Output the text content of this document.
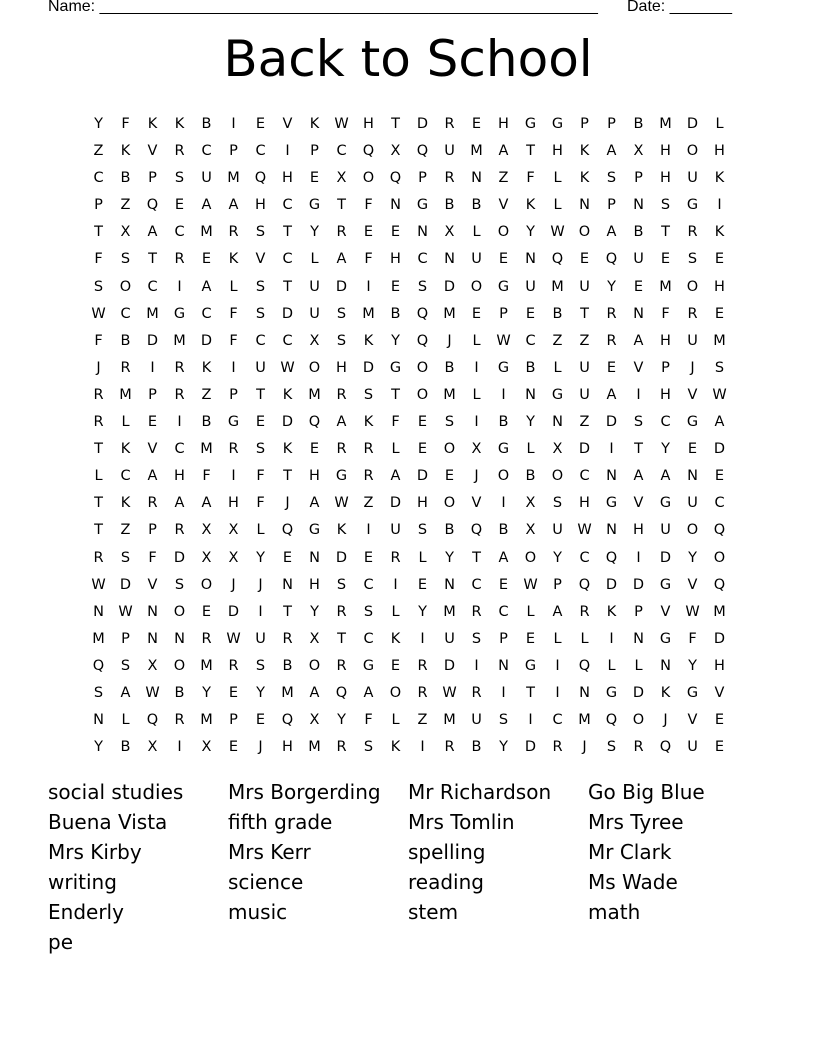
Name: ________________________________________________________ Date: _______
Back to School
Y	F	K	K	B	I	E	V	K	W H	T	D	R	E	H	G	G	P	P	B	M	D	L
Z	K	V	R	C	P	C	I	P	C	Q	X	Q	U	M	A	T	H	K	A	X	H	O	H
C	B	P	S	U	M	Q	H	E	X	O	Q	P	R	N	Z	F	L	K	S	P	H	U	K
P	Z	Q	E	A	A	H	C	G	T	F	N	G	B	B	V	K	L	N	P	N	S	G	I
T	X	A	C	M	R	S	T	Y	R	E	E	N	X	L	O	Y	W O	A	B	T	R	K
F	S	T	R	E	K	V	C	L	A	F	H	C	N	U	E	N	Q	E	Q	U	E	S	E
S	O	C	I	A	L	S	T	U	D	I	E	S	D	O	G	U	M	U	Y	E	M	O	H
W	C	M	G	C	F	S	D	U	S	M	B	Q	M	E	P	E	B	T	R	N	F	R	E
F	B	D	M	D	F	C	C	X	S	K	Y	Q	J	L	W	C	Z	Z	R	A	H	U	M
J	R	I	R	K	I	U	W O	H	D	G	O	B	I	G	B	L	U	E	V	P	J	S
R	M	P	R	Z	P	T	K	M	R	S	T	O	M	L	I	N	G	U	A	I	H	V	W
R	L	E	I	B	G	E	D	Q	A	K	F	E	S	I	B	Y	N	Z	D	S	C	G	A
T	K	V	C	M	R	S	K	E	R	R	L	E	O	X	G	L	X	D	I	T	Y	E	D
L	C	A	H	F	I	F	T	H	G	R	A	D	E	J	O	B	O	C	N	A	A	N	E
T	K	R	A	A	H	F	J	A	W	Z	D	H	O	V	I	X	S	H	G	V	G	U	C
T	Z	P	R	X	X	L	Q	G	K	I	U	S	B	Q	B	X	U	W N	H	U	O	Q
R	S	F	D	X	X	Y	E	N	D	E	R	L	Y	T	A	O	Y	C	Q	I	D	Y	O
W D	V	S	O	J	J	N	H	S	C	I	E	N	C	E	W	P	Q	D	D	G	V	Q
N W N	O	E	D	I	T	Y	R	S	L	Y	M	R	C	L	A	R	K	P	V	W M
M	P	N	N	R	W	U	R	X	T	C	K	I	U	S	P	E	L	L	I	N	G	F	D
Q	S	X	O	M	R	S	B	O	R	G	E	R	D	I	N	G	I	Q	L	L	N	Y	H
S	A	W	B	Y	E	Y	M	A	Q	A	O	R	W	R	I	T	I	N	G	D	K	G	V
N	L	Q	R	M	P	E	Q	X	Y	F	L	Z	M	U	S	I	C	M	Q	O	J	V	E
Y	B	X	I	X	E	J	H	M	R	S	K	I	R	B	Y	D	R	J	S	R	Q	U	E
social studies	Mrs Borgerding	Mr Richardson	Go Big Blue
Buena Vista	fifth grade	Mrs Tomlin	Mrs Tyree
Mrs Kirby	Mrs Kerr	spelling	Mr Clark
writing	science	reading	Ms Wade
Enderly	music	stem	math
pe
